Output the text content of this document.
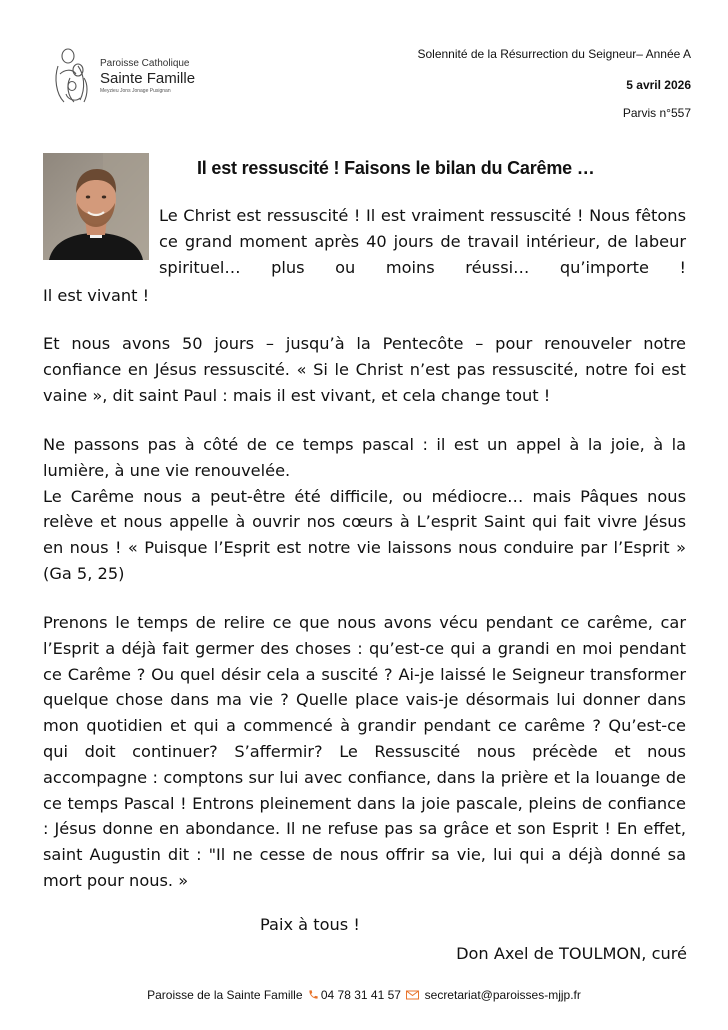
Paroisse Catholique
Sainte Famille
Meyzieu Jons Jonage Pusignan
Solennité de la Résurrection du Seigneur– Année A
5 avril 2026
Parvis n°557
Il est ressuscité ! Faisons le bilan du Carême …
Le Christ est ressuscité ! Il est vraiment ressuscité ! Nous fêtons ce grand moment après 40 jours de travail intérieur, de labeur spirituel… plus ou moins réussi… qu’importe !
Il est vivant !
Et nous avons 50 jours – jusqu’à la Pentecôte – pour renouveler notre confiance en Jésus ressuscité. « Si le Christ n’est pas ressuscité, notre foi est vaine », dit saint Paul : mais il est vivant, et cela change tout !
Ne passons pas à côté de ce temps pascal : il est un appel à la joie, à la lumière, à une vie renouvelée.
Le Carême nous a peut-être été difficile, ou médiocre… mais Pâques nous relève et nous appelle à ouvrir nos cœurs à L’esprit Saint qui fait vivre Jésus en nous ! « Puisque l’Esprit est notre vie laissons nous conduire par l’Esprit » (Ga 5, 25)
Prenons le temps de relire ce que nous avons vécu pendant ce carême, car l’Esprit a déjà fait germer des choses : qu’est-ce qui a grandi en moi pendant ce Carême ? Ou quel désir cela a suscité ? Ai-je laissé le Seigneur transformer quelque chose dans ma vie ? Quelle place vais-je désormais lui donner dans mon quotidien et qui a commencé à grandir pendant ce carême ? Qu’est-ce qui doit continuer? S’affermir? Le Ressuscité nous précède et nous accompagne : comptons sur lui avec confiance, dans la prière et la louange de ce temps Pascal ! Entrons pleinement dans la joie pascale, pleins de confiance : Jésus donne en abondance. Il ne refuse pas sa grâce et son Esprit ! En effet, saint Augustin dit : "Il ne cesse de nous offrir sa vie, lui qui a déjà donné sa mort pour nous. »
Paix à tous !
Don Axel de TOULMON, curé
Paroisse de la Sainte Famille 04 78 31 41 57 secretariat@paroisses-mjjp.fr
